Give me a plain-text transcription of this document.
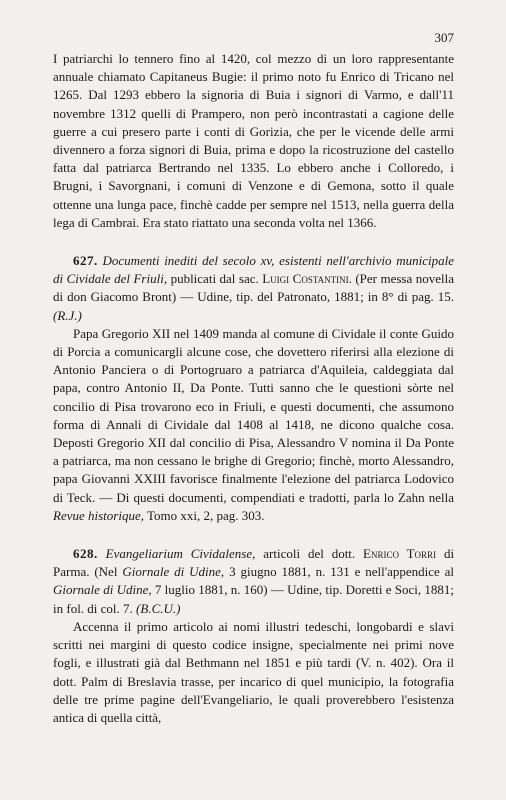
307

I patriarchi lo tennero fino al 1420, col mezzo di un loro rappresentante annuale chiamato Capitaneus Bugie: il primo noto fu Enrico di Tricano nel 1265. Dal 1293 ebbero la signoria di Buia i signori di Varmo, e dall'11 novembre 1312 quelli di Prampero, non però incontrastati a cagione delle guerre a cui presero parte i conti di Gorizia, che per le vicende delle armi divennero a forza signori di Buia, prima e dopo la ricostruzione del castello fatta dal patriarca Bertrando nel 1335. Lo ebbero anche i Colloredo, i Brugni, i Savorgnani, i comuni di Venzone e di Gemona, sotto il quale ottenne una lunga pace, finchè cadde per sempre nel 1513, nella guerra della lega di Cambrai. Era stato riattato una seconda volta nel 1366.

627. Documenti inediti del secolo xv, esistenti nell'archivio municipale di Cividale del Friuli, publicati dal sac. Luigi Costantini. (Per messa novella di don Giacomo Bront) — Udine, tip. del Patronato, 1881; in 8° di pag. 15. (R.J.)

Papa Gregorio XII nel 1409 manda al comune di Cividale il conte Guido di Porcia a comunicargli alcune cose, che dovettero riferirsi alla elezione di Antonio Panciera o di Portogruaro a patriarca d'Aquileia, caldeggiata dal papa, contro Antonio II, Da Ponte. Tutti sanno che le questioni sòrte nel concilio di Pisa trovarono eco in Friuli, e questi documenti, che assumono forma di Annali di Cividale dal 1408 al 1418, ne dicono qualche cosa. Deposti Gregorio XII dal concilio di Pisa, Alessandro V nomina il Da Ponte a patriarca, ma non cessano le brighe di Gregorio; finchè, morto Alessandro, papa Giovanni XXIII favorisce finalmente l'elezione del patriarca Lodovico di Teck. — Di questi documenti, compendiati e tradotti, parla lo Zahn nella Revue historique, Tomo xxi, 2, pag. 303.

628. Evangeliarium Cividalense, articoli del dott. Enrico Torri di Parma. (Nel Giornale di Udine, 3 giugno 1881, n. 131 e nell'appendice al Giornale di Udine, 7 luglio 1881, n. 160) — Udine, tip. Doretti e Soci, 1881; in fol. di col. 7. (B.C.U.)

Accenna il primo articolo ai nomi illustri tedeschi, longobardi e slavi scritti nei margini di questo codice insigne, specialmente nei primi nove fogli, e illustrati già dal Bethmann nel 1851 e più tardi (V. n. 402). Ora il dott. Palm di Breslavia trasse, per incarico di quel municipio, la fotografia delle tre prime pagine dell'Evangeliario, le quali proverebbero l'esistenza antica di quella città,
